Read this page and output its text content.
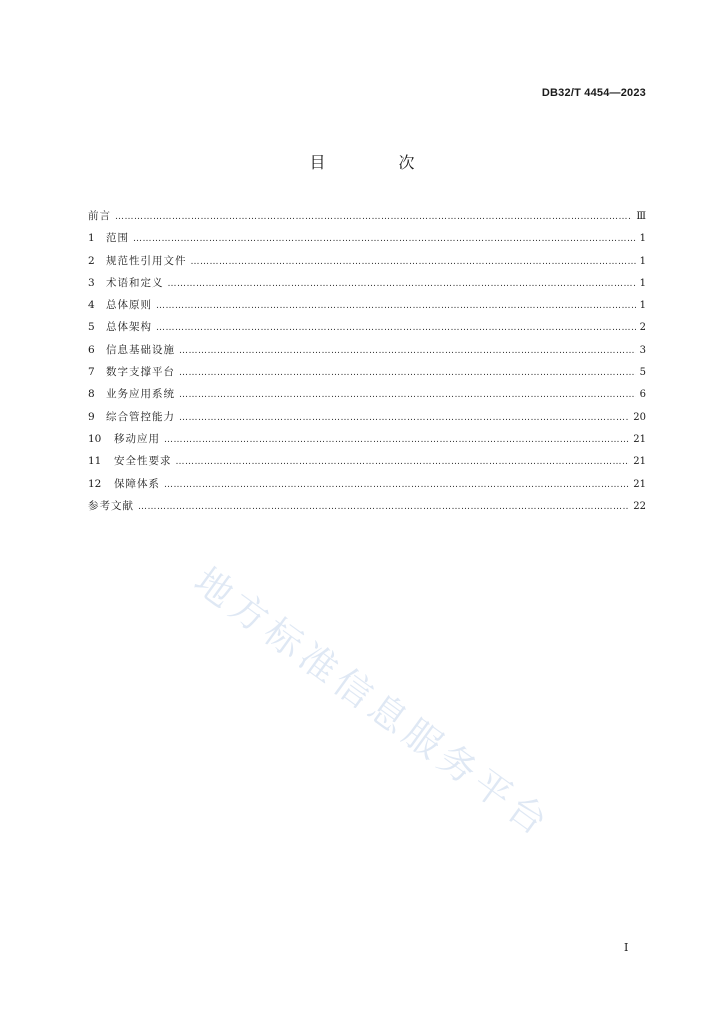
DB32/T 4454—2023
目 次
前言 …………………………………………………………………………………………………………………………………………………………………………………………………………………………	Ⅲ
1 范围 …………………………………………………………………………………………………………………………………………………………………………………………………………………………	1
2 规范性引用文件 …………………………………………………………………………………………………………………………………………………………………………………………………………………………	1
3 术语和定义 …………………………………………………………………………………………………………………………………………………………………………………………………………………………	1
4 总体原则 …………………………………………………………………………………………………………………………………………………………………………………………………………………………	1
5 总体架构 …………………………………………………………………………………………………………………………………………………………………………………………………………………………	2
6 信息基础设施 …………………………………………………………………………………………………………………………………………………………………………………………………………………………	3
7 数字支撑平台 …………………………………………………………………………………………………………………………………………………………………………………………………………………………	5
8 业务应用系统 …………………………………………………………………………………………………………………………………………………………………………………………………………………………	6
9 综合管控能力 …………………………………………………………………………………………………………………………………………………………………………………………………………………………	20
10 移动应用 …………………………………………………………………………………………………………………………………………………………………………………………………………………………	21
11 安全性要求 …………………………………………………………………………………………………………………………………………………………………………………………………………………………	21
12 保障体系 …………………………………………………………………………………………………………………………………………………………………………………………………………………………	21
参考文献 …………………………………………………………………………………………………………………………………………………………………………………………………………………………	22
地方标准信息服务平台
I
